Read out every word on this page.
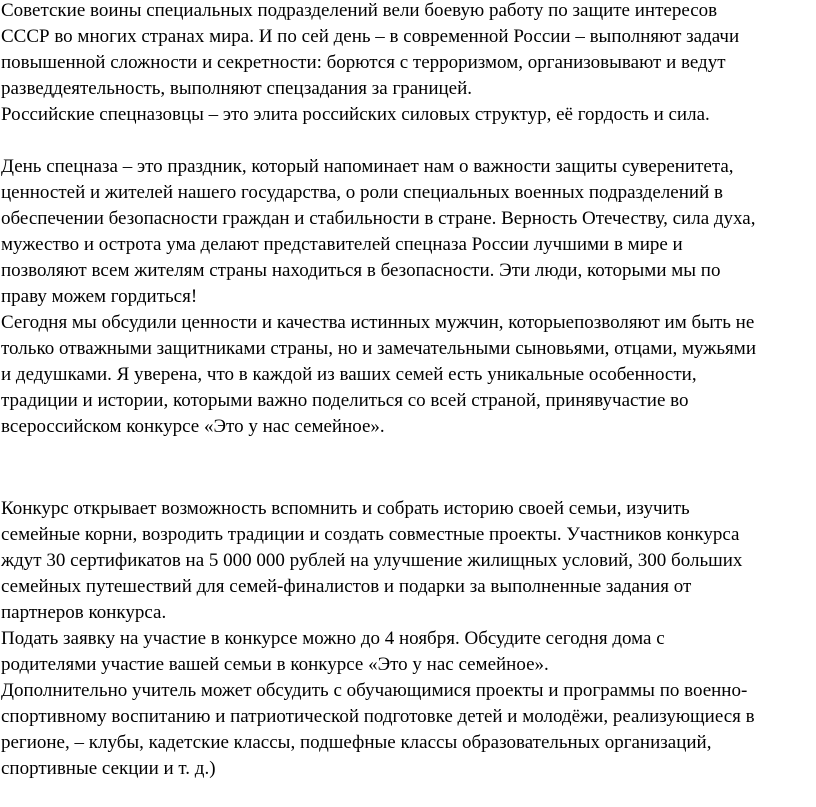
Советские воины специальных подразделений вели боевую работу по защите интересов
СССР во многих странах мира. И по сей день – в современной России – выполняют задачи
повышенной сложности и секретности: борются с терроризмом, организовывают и ведут
разведдеятельность, выполняют спецзадания за границей.
Российские спецназовцы – это элита российских силовых структур, её гордость и сила.
День спецназа – это праздник, который напоминает нам о важности защиты суверенитета,
ценностей и жителей нашего государства, о роли специальных военных подразделений в
обеспечении безопасности граждан и стабильности в стране. Верность Отечеству, сила духа,
мужество и острота ума делают представителей спецназа России лучшими в мире и
позволяют всем жителям страны находиться в безопасности. Эти люди, которыми мы по
праву можем гордиться!
Сегодня мы обсудили ценности и качества истинных мужчин, которыепозволяют им быть не
только отважными защитниками страны, но и замечательными сыновьями, отцами, мужьями
и дедушками. Я уверена, что в каждой из ваших семей есть уникальные особенности,
традиции и истории, которыми важно поделиться со всей страной, принявучастие во
всероссийском конкурсе «Это у нас семейное».
Конкурс открывает возможность вспомнить и собрать историю своей семьи, изучить
семейные корни, возродить традиции и создать совместные проекты. Участников конкурса
ждут 30 сертификатов на 5 000 000 рублей на улучшение жилищных условий, 300 больших
семейных путешествий для семей-финалистов и подарки за выполненные задания от
партнеров конкурса.
Подать заявку на участие в конкурсе можно до 4 ноября. Обсудите сегодня дома с
родителями участие вашей семьи в конкурсе «Это у нас семейное».
Дополнительно учитель может обсудить с обучающимися проекты и программы по военно-
спортивному воспитанию и патриотической подготовке детей и молодёжи, реализующиеся в
регионе, – клубы, кадетские классы, подшефные классы образовательных организаций,
спортивные секции и т. д.)
